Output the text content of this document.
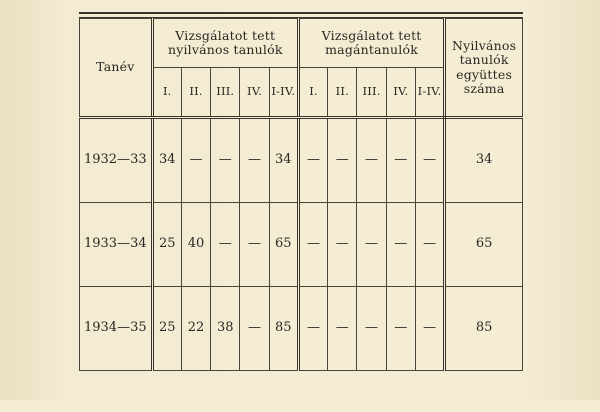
Tanév	Vizsgálatot tett nyilvános tanulók					Vizsgálatot tett magántanulók					Nyilvános tanulók együttes száma
	I.	II.	III.	IV.	I-IV.	I.	II.	III.	IV.	I-IV.	
1932—33	34	—	—	—	34	—	—	—	—	—	34
1933—34	25	40	—	—	65	—	—	—	—	—	65
1934—35	25	22	38	—	85	—	—	—	—	—	85
